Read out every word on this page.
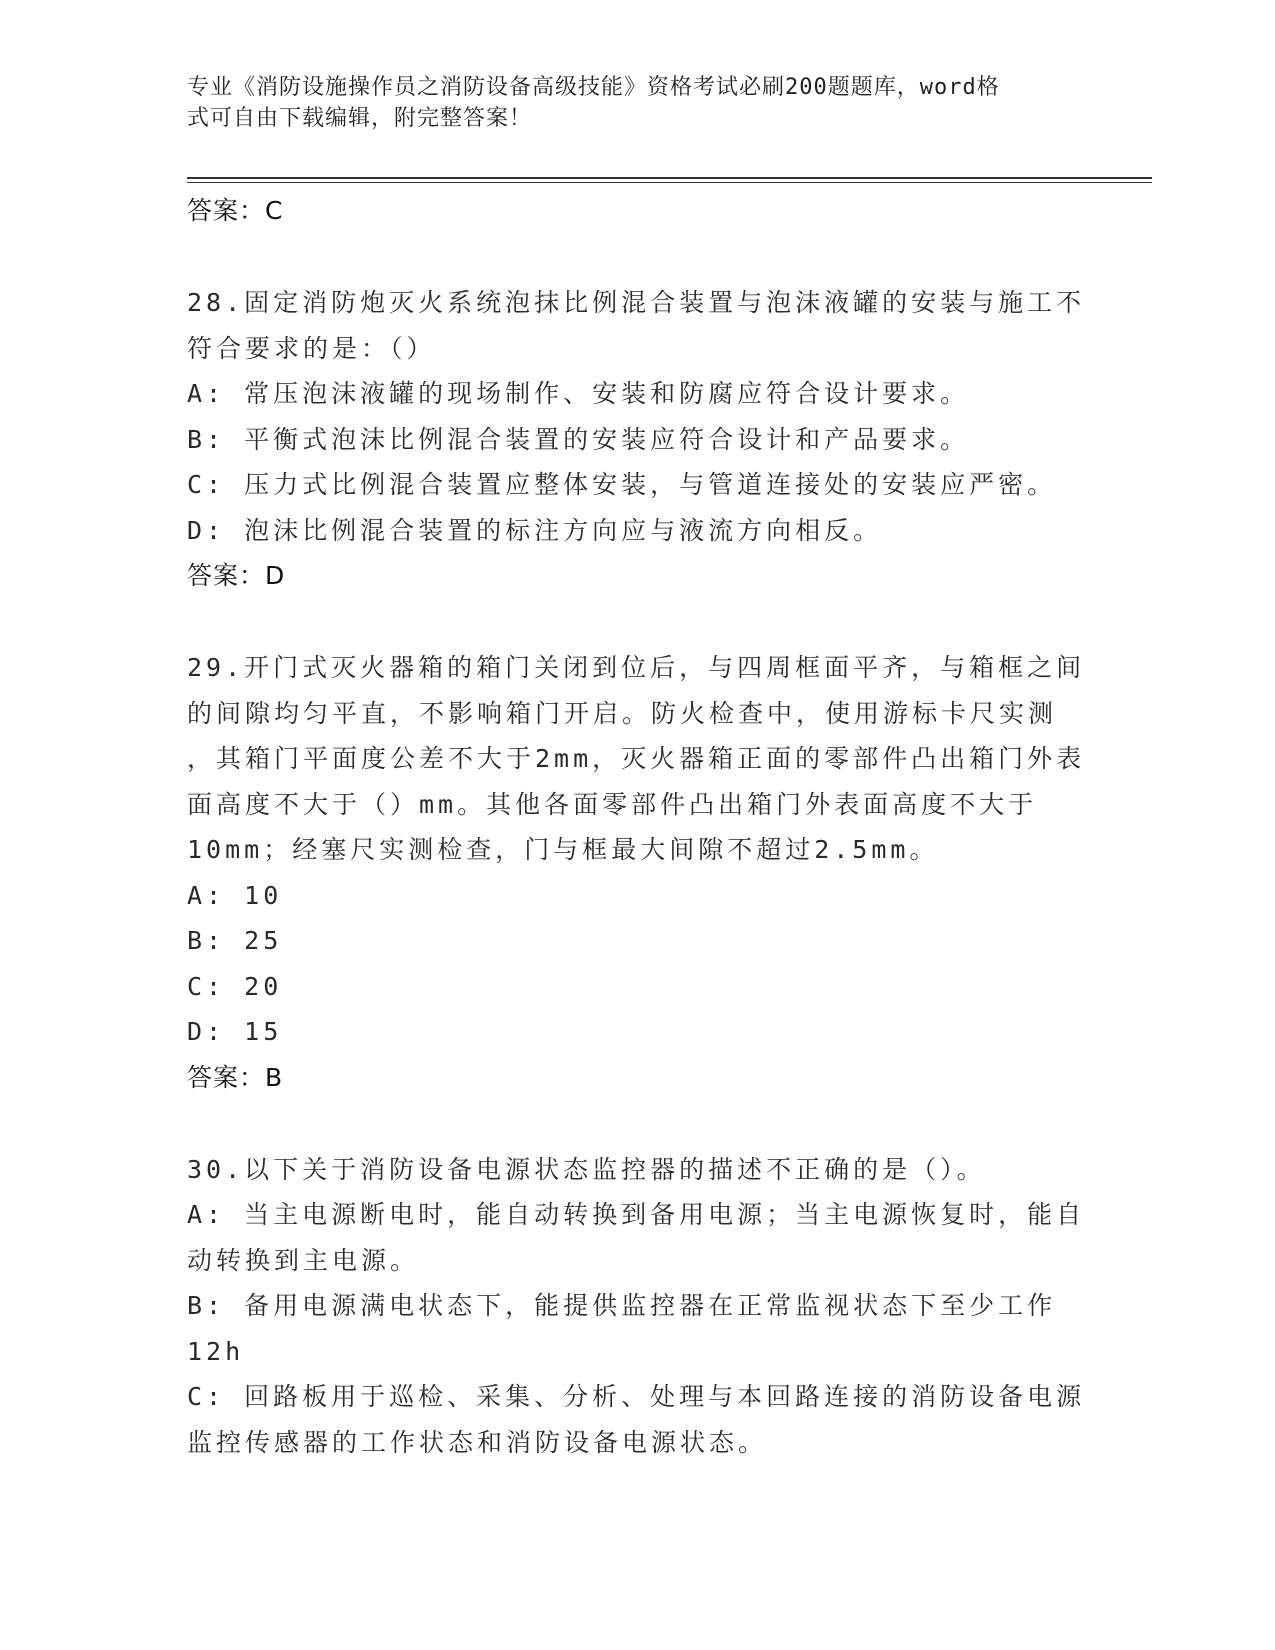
专业《消防设施操作员之消防设备高级技能》资格考试必刷200题题库，word格
式可自由下载编辑，附完整答案！
答案：C
28.固定消防炮灭火系统泡抹比例混合装置与泡沫液罐的安装与施工不
符合要求的是：（）
A: 常压泡沫液罐的现场制作、安装和防腐应符合设计要求。
B: 平衡式泡沫比例混合装置的安装应符合设计和产品要求。
C: 压力式比例混合装置应整体安装，与管道连接处的安装应严密。
D: 泡沫比例混合装置的标注方向应与液流方向相反。
答案：D
29.开门式灭火器箱的箱门关闭到位后，与四周框面平齐，与箱框之间
的间隙均匀平直，不影响箱门开启。防火检查中，使用游标卡尺实测
，其箱门平面度公差不大于2mm，灭火器箱正面的零部件凸出箱门外表
面高度不大于（）mm。其他各面零部件凸出箱门外表面高度不大于
10mm；经塞尺实测检查，门与框最大间隙不超过2.5mm。
A: 10
B: 25
C: 20
D: 15
答案：B
30.以下关于消防设备电源状态监控器的描述不正确的是（）。
A: 当主电源断电时，能自动转换到备用电源；当主电源恢复时，能自
动转换到主电源。
B: 备用电源满电状态下，能提供监控器在正常监视状态下至少工作
12h
C: 回路板用于巡检、采集、分析、处理与本回路连接的消防设备电源
监控传感器的工作状态和消防设备电源状态。
